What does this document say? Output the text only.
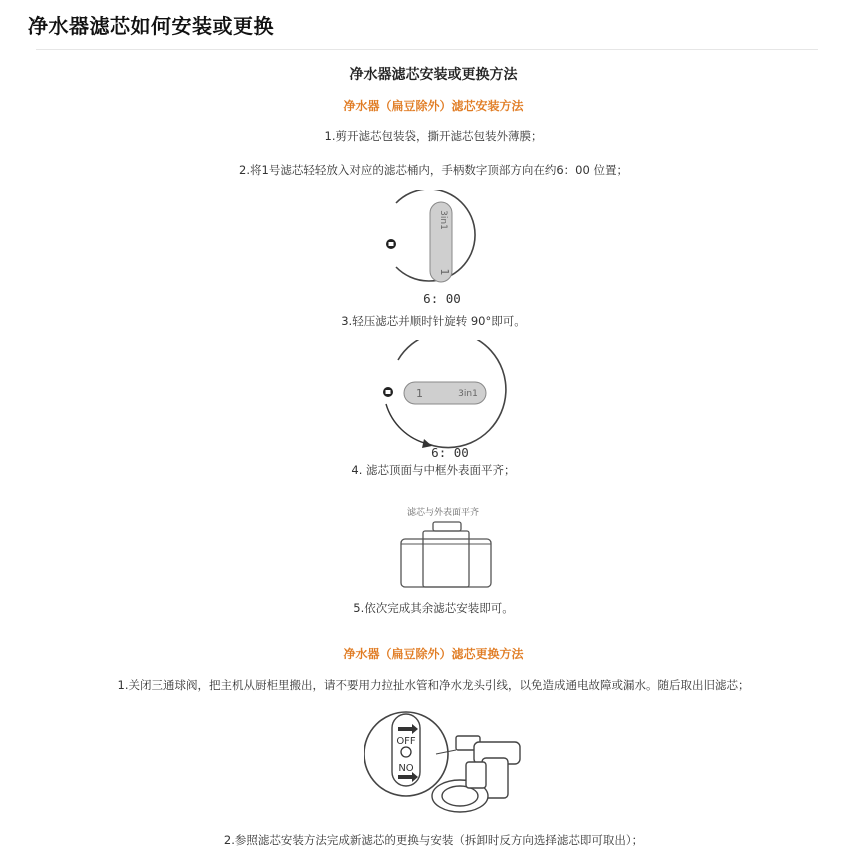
净水器滤芯如何安装或更换
净水器滤芯安装或更换方法
净水器（扁豆除外）滤芯安装方法
1.剪开滤芯包装袋，撕开滤芯包装外薄膜；
2.将1号滤芯轻轻放入对应的滤芯桶内，手柄数字顶部方向在约6：00 位置；
3in1
1
6: 00
3.轻压滤芯并顺时针旋转 90°即可。
1	3in1
6: 00
4. 滤芯顶面与中框外表面平齐；
滤芯与外表面平齐
5.依次完成其余滤芯安装即可。
净水器（扁豆除外）滤芯更换方法
1.关闭三通球阀，把主机从厨柜里搬出，请不要用力拉扯水管和净水龙头引线，以免造成通电故障或漏水。随后取出旧滤芯；
OFF
NO
2.参照滤芯安装方法完成新滤芯的更换与安装（拆卸时反方向选择滤芯即可取出）；
